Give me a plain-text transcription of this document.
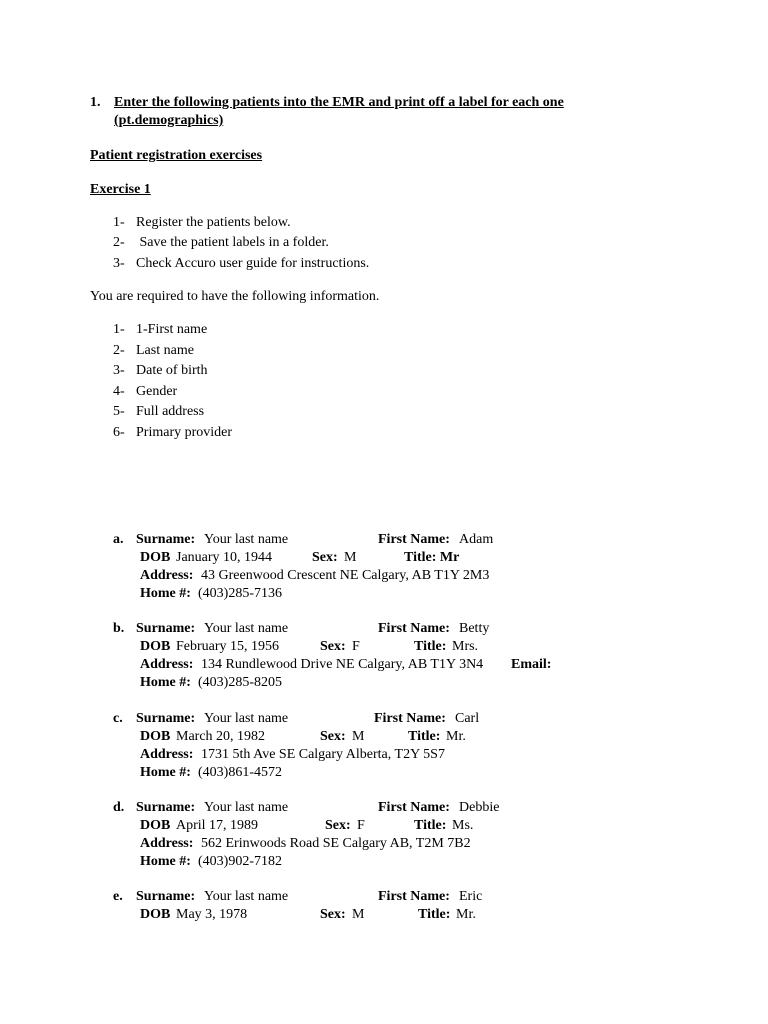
1. Enter the following patients into the EMR and print off a label for each one
(pt.demographics)
Patient registration exercises
Exercise 1
1- Register the patients below.
2- Save the patient labels in a folder.
3- Check Accuro user guide for instructions.
You are required to have the following information.
1- 1-First name
2- Last name
3- Date of birth
4- Gender
5- Full address
6- Primary provider
a. Surname: Your last name	First Name: Adam
DOB January 10, 1944	Sex: M	Title: Mr
Address: 43 Greenwood Crescent NE Calgary, AB T1Y 2M3
Home #: (403)285-7136
b. Surname: Your last name	First Name: Betty
DOB February 15, 1956	Sex: F	Title: Mrs.
Address: 134 Rundlewood Drive NE Calgary, AB T1Y 3N4 Email:
Home #: (403)285-8205
c. Surname: Your last name	First Name: Carl
DOB March 20, 1982	Sex: M	Title: Mr.
Address: 1731 5th Ave SE Calgary Alberta, T2Y 5S7
Home #: (403)861-4572
d. Surname: Your last name	First Name: Debbie
DOB April 17, 1989	Sex: F	Title: Ms.
Address: 562 Erinwoods Road SE Calgary AB, T2M 7B2
Home #: (403)902-7182
e. Surname: Your last name	First Name: Eric
DOB May 3, 1978	Sex: M	Title: Mr.
